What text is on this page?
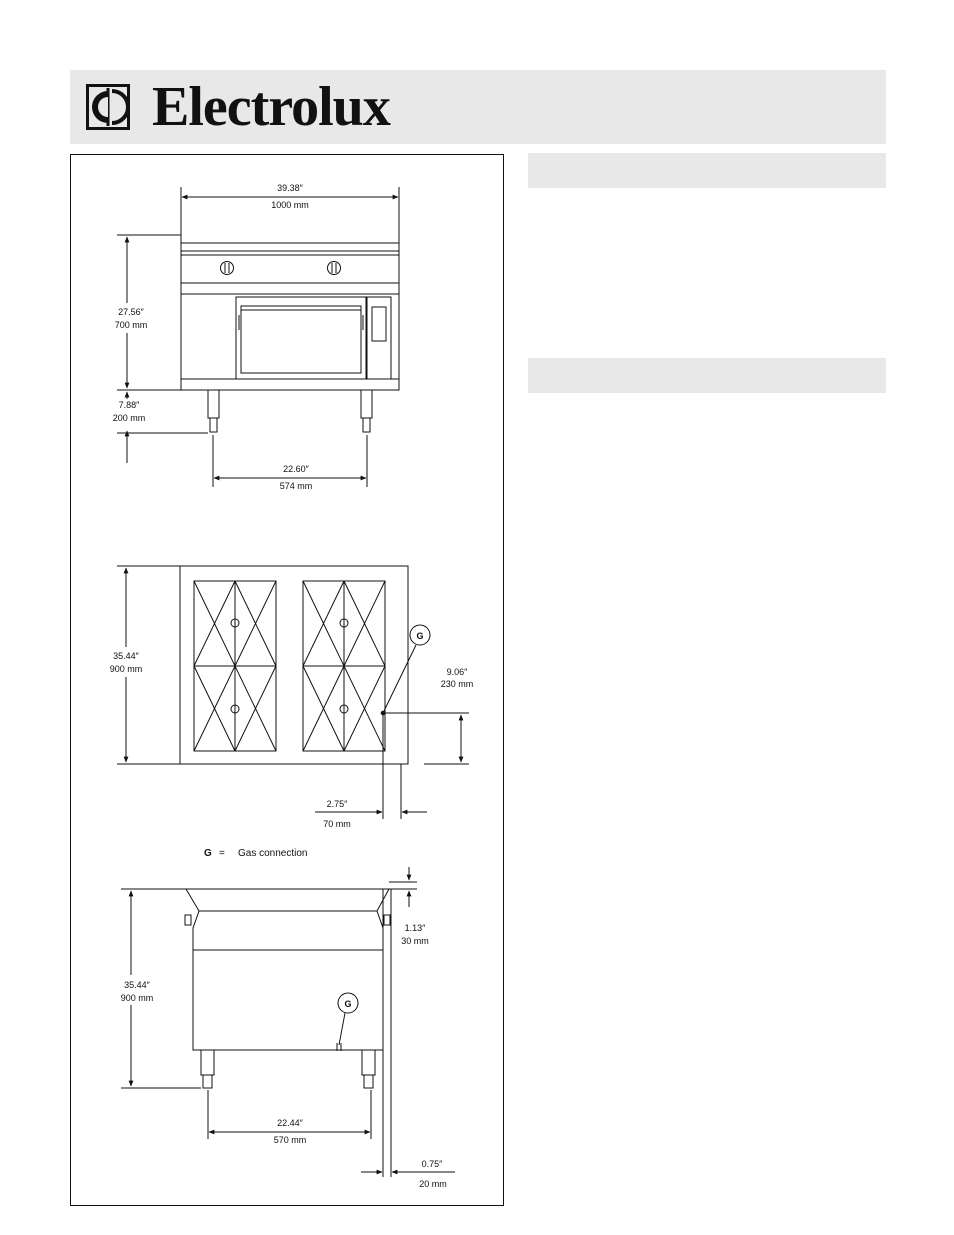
Electrolux
39.38″
1000 mm
27.56″
700 mm
7.88″
200 mm
22.60″
574 mm
35.44″
900 mm
G
9.06″
230 mm
2.75″
70 mm
G = Gas connection
35.44″
900 mm
G
1.13″
30 mm
22.44″
570 mm
0.75″
20 mm
